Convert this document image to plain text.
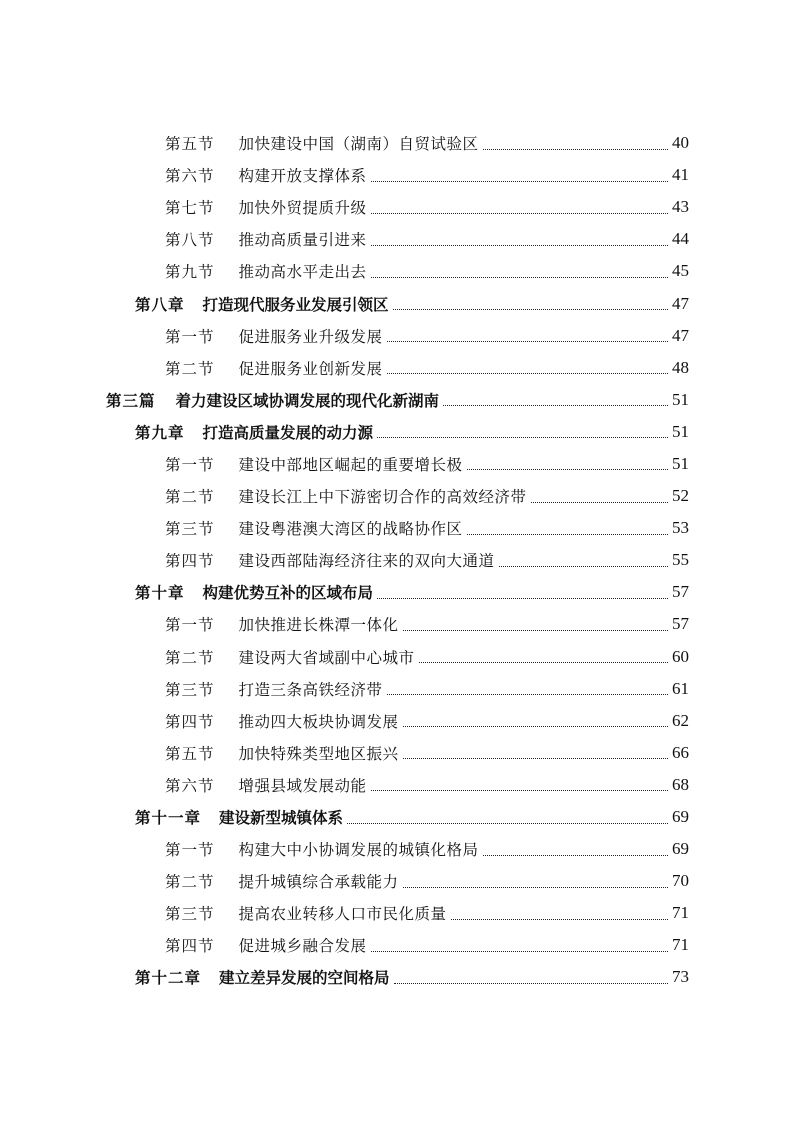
第五节 加快建设中国（湖南）自贸试验区	40
第六节 构建开放支撑体系	41
第七节 加快外贸提质升级	43
第八节 推动高质量引进来	44
第九节 推动高水平走出去	45
第八章 打造现代服务业发展引领区	47
第一节 促进服务业升级发展	47
第二节 促进服务业创新发展	48
第三篇 着力建设区域协调发展的现代化新湖南	51
第九章 打造高质量发展的动力源	51
第一节 建设中部地区崛起的重要增长极	51
第二节 建设长江上中下游密切合作的高效经济带	52
第三节 建设粤港澳大湾区的战略协作区	53
第四节 建设西部陆海经济往来的双向大通道	55
第十章 构建优势互补的区域布局	57
第一节 加快推进长株潭一体化	57
第二节 建设两大省域副中心城市	60
第三节 打造三条高铁经济带	61
第四节 推动四大板块协调发展	62
第五节 加快特殊类型地区振兴	66
第六节 增强县域发展动能	68
第十一章 建设新型城镇体系	69
第一节 构建大中小协调发展的城镇化格局	69
第二节 提升城镇综合承载能力	70
第三节 提高农业转移人口市民化质量	71
第四节 促进城乡融合发展	71
第十二章 建立差异发展的空间格局	73
